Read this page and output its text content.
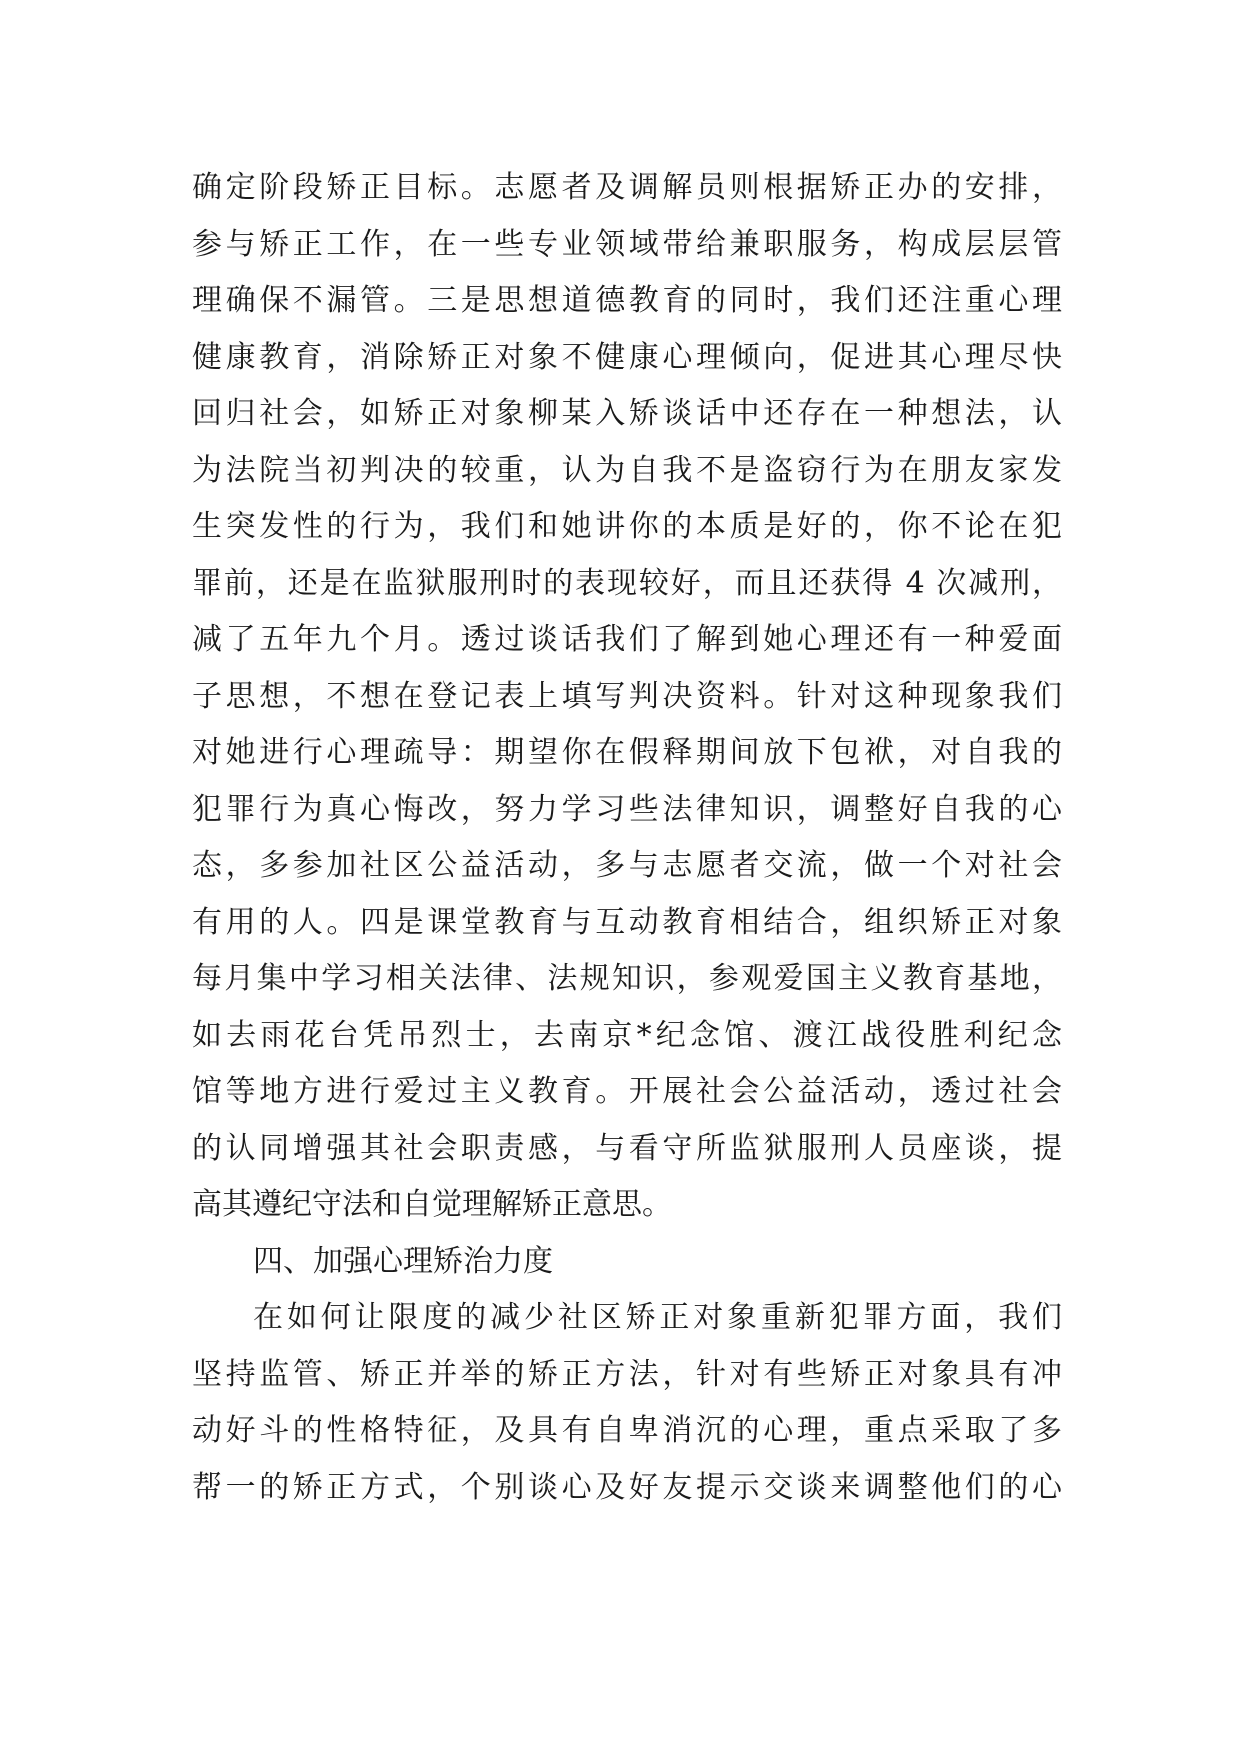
确定阶段矫正目标。志愿者及调解员则根据矫正办的安排，
参与矫正工作，在一些专业领域带给兼职服务，构成层层管
理确保不漏管。三是思想道德教育的同时，我们还注重心理
健康教育，消除矫正对象不健康心理倾向，促进其心理尽快
回归社会，如矫正对象柳某入矫谈话中还存在一种想法，认
为法院当初判决的较重，认为自我不是盗窃行为在朋友家发
生突发性的行为，我们和她讲你的本质是好的，你不论在犯
罪前，还是在监狱服刑时的表现较好，而且还获得 4 次减刑，
减了五年九个月。透过谈话我们了解到她心理还有一种爱面
子思想，不想在登记表上填写判决资料。针对这种现象我们
对她进行心理疏导：期望你在假释期间放下包袱，对自我的
犯罪行为真心悔改，努力学习些法律知识，调整好自我的心
态，多参加社区公益活动，多与志愿者交流，做一个对社会
有用的人。四是课堂教育与互动教育相结合，组织矫正对象
每月集中学习相关法律、法规知识，参观爱国主义教育基地，
如去雨花台凭吊烈士，去南京*纪念馆、渡江战役胜利纪念
馆等地方进行爱过主义教育。开展社会公益活动，透过社会
的认同增强其社会职责感，与看守所监狱服刑人员座谈，提
高其遵纪守法和自觉理解矫正意思。
四、加强心理矫治力度
在如何让限度的减少社区矫正对象重新犯罪方面，我们
坚持监管、矫正并举的矫正方法，针对有些矫正对象具有冲
动好斗的性格特征，及具有自卑消沉的心理，重点采取了多
帮一的矫正方式，个别谈心及好友提示交谈来调整他们的心
